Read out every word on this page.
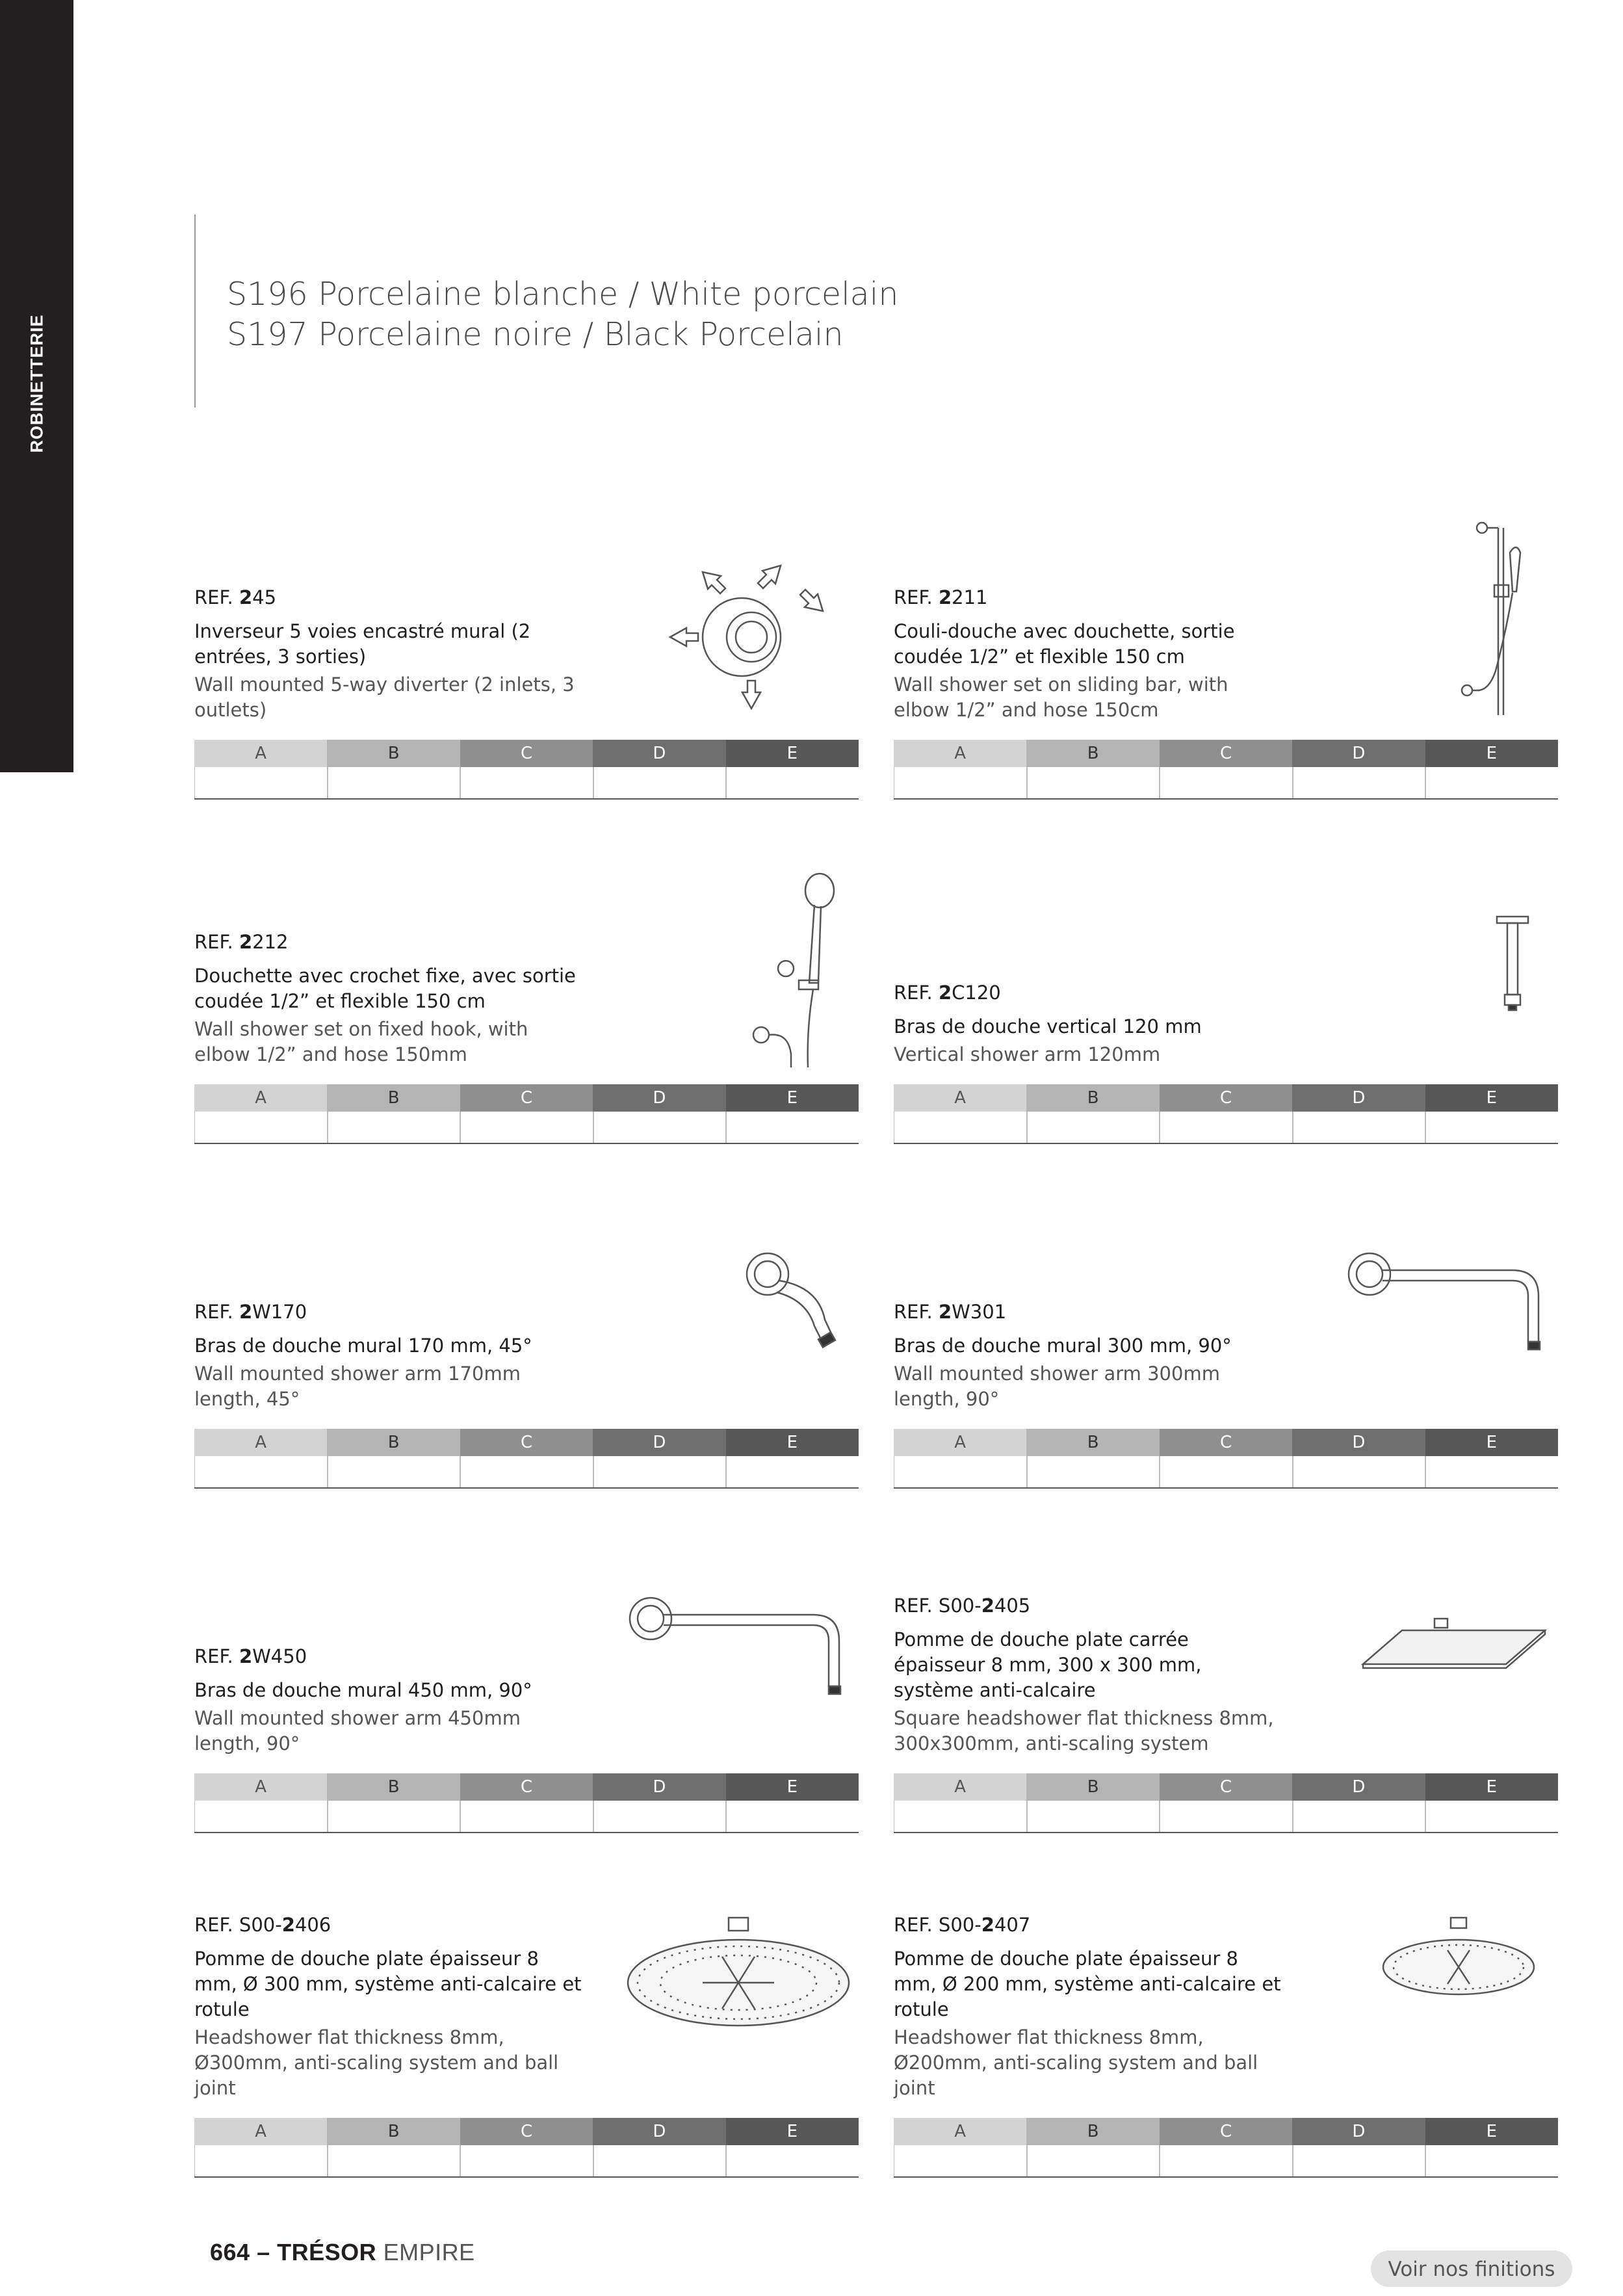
ROBINETTERIE
S196 Porcelaine blanche / White porcelain
S197 Porcelaine noire / Black Porcelain
REF. 245
Inverseur 5 voies encastré mural (2 entrées, 3 sorties)
Wall mounted 5-way diverter (2 inlets, 3 outlets)
A	B	C	D	E
REF. 2211
Couli-douche avec douchette, sortie coudée 1/2” et flexible 150 cm
Wall shower set on sliding bar, with elbow 1/2” and hose 150cm
A	B	C	D	E
REF. 2212
Douchette avec crochet fixe, avec sortie coudée 1/2” et flexible 150 cm
Wall shower set on fixed hook, with elbow 1/2” and hose 150mm
A	B	C	D	E
REF. 2C120
Bras de douche vertical 120 mm
Vertical shower arm 120mm
A	B	C	D	E
REF. 2W170
Bras de douche mural 170 mm, 45°
Wall mounted shower arm 170mm length, 45°
A	B	C	D	E
REF. 2W301
Bras de douche mural 300 mm, 90°
Wall mounted shower arm 300mm length, 90°
A	B	C	D	E
REF. 2W450
Bras de douche mural 450 mm, 90°
Wall mounted shower arm 450mm length, 90°
A	B	C	D	E
REF. S00-2405
Pomme de douche plate carrée épaisseur 8 mm, 300 x 300 mm, système anti-calcaire
Square headshower flat thickness 8mm, 300x300mm, anti-scaling system
A	B	C	D	E
REF. S00-2406
Pomme de douche plate épaisseur 8 mm, Ø 300 mm, système anti-calcaire et rotule
Headshower flat thickness 8mm, Ø300mm, anti-scaling system and ball joint
A	B	C	D	E
REF. S00-2407
Pomme de douche plate épaisseur 8 mm, Ø 200 mm, système anti-calcaire et rotule
Headshower flat thickness 8mm, Ø200mm, anti-scaling system and ball joint
A	B	C	D	E
664 – TRÉSOR EMPIRE
Voir nos finitions
